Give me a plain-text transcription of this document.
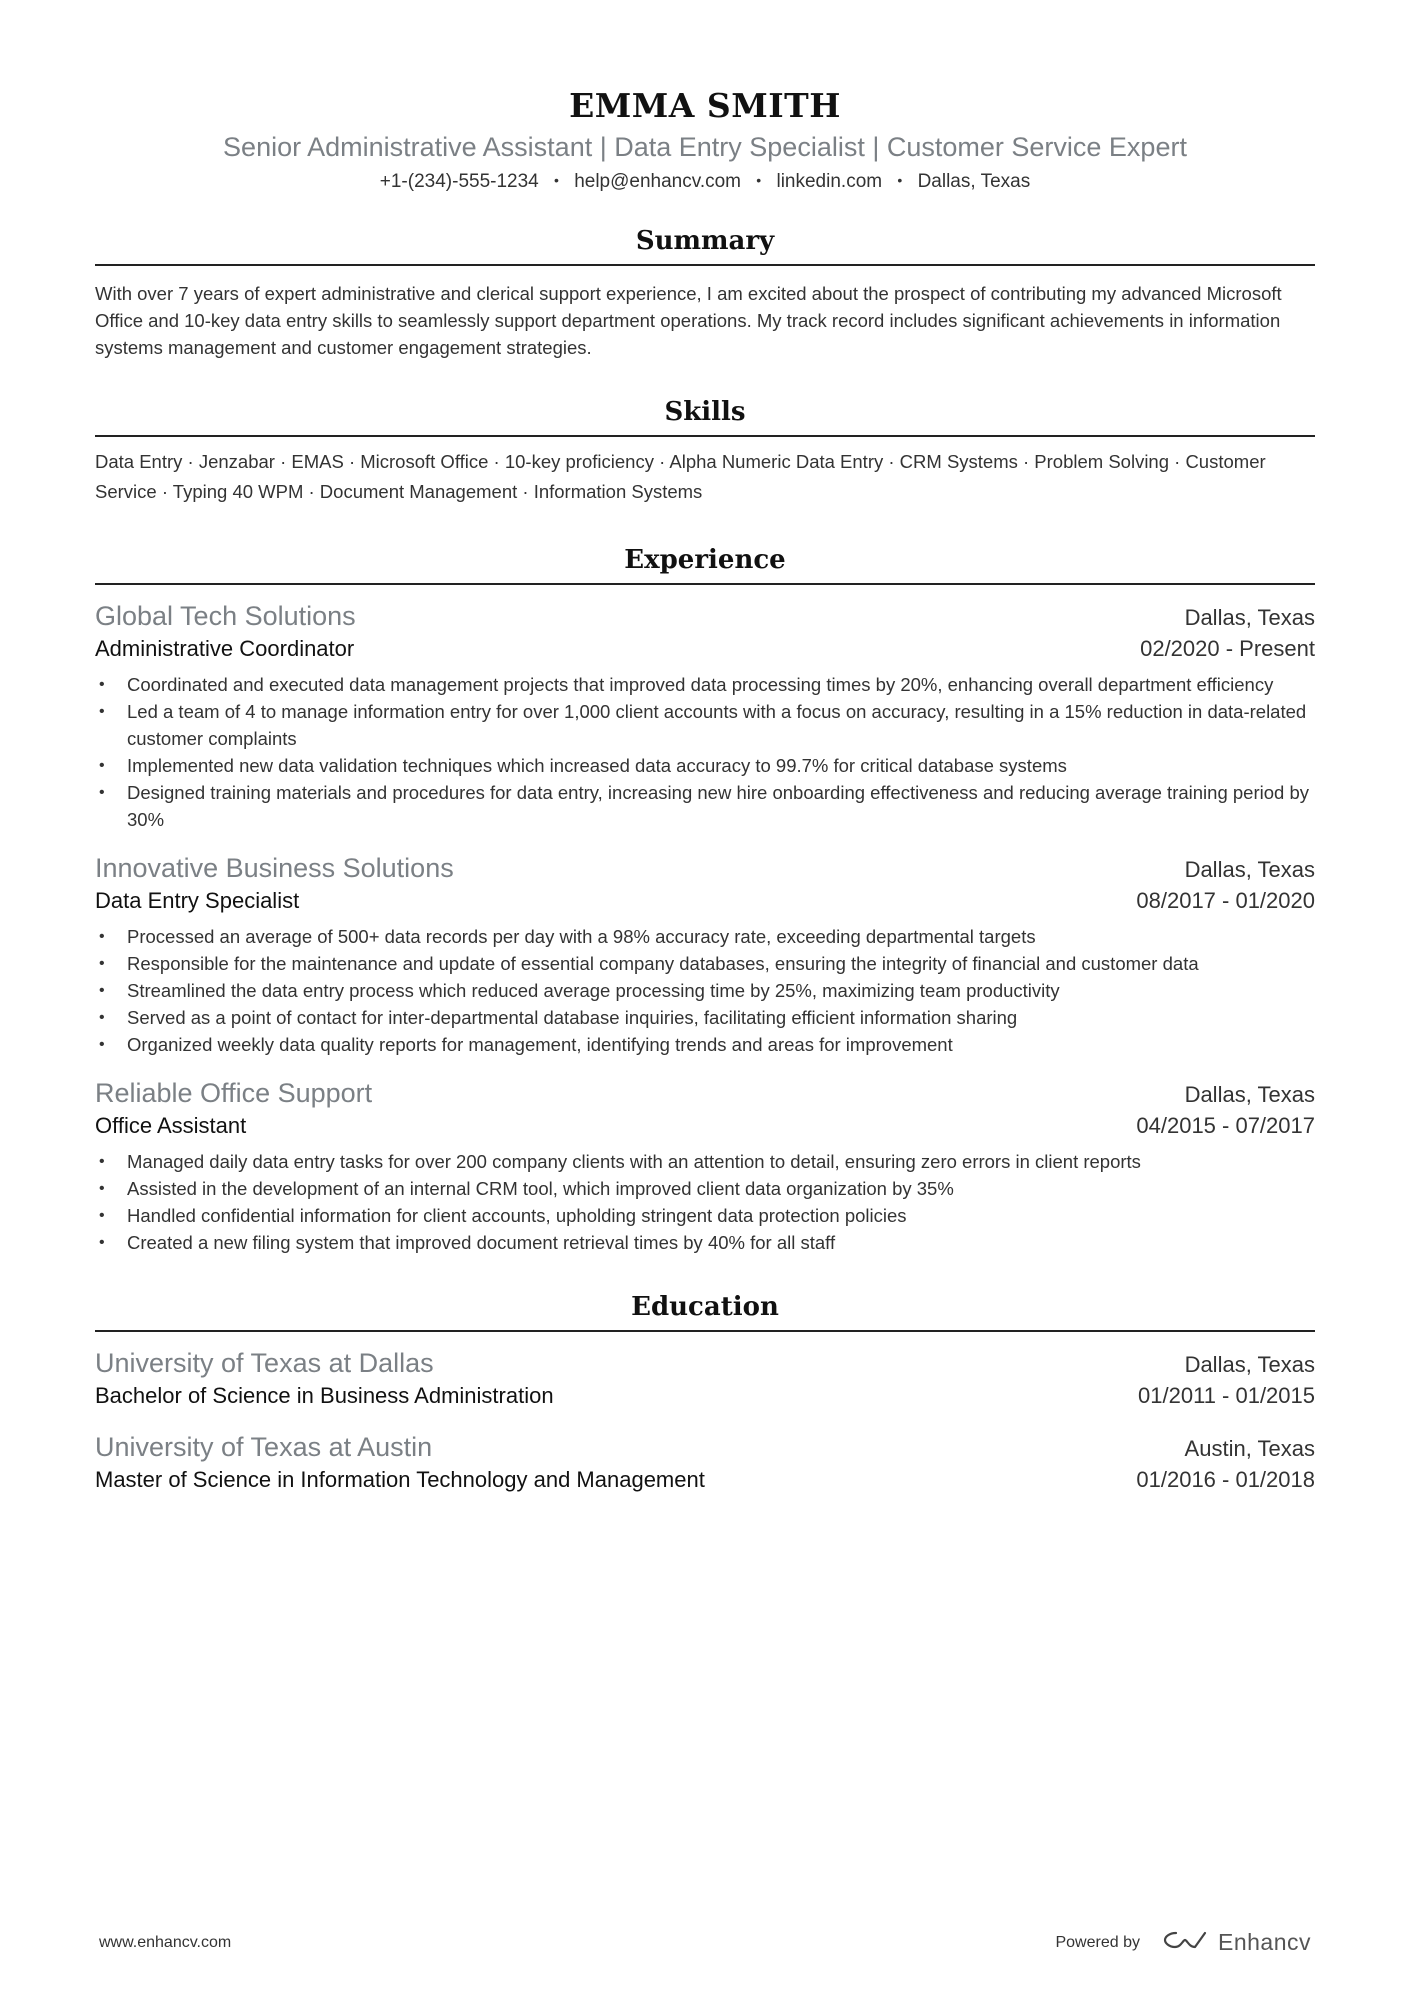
EMMA SMITH
Senior Administrative Assistant | Data Entry Specialist | Customer Service Expert
+1-(234)-555-1234 • help@enhancv.com • linkedin.com • Dallas, Texas
Summary
With over 7 years of expert administrative and clerical support experience, I am excited about the prospect of contributing my advanced Microsoft Office and 10-key data entry skills to seamlessly support department operations. My track record includes significant achievements in information systems management and customer engagement strategies.
Skills
Data Entry · Jenzabar · EMAS · Microsoft Office · 10-key proficiency · Alpha Numeric Data Entry · CRM Systems · Problem Solving · Customer Service · Typing 40 WPM · Document Management · Information Systems
Experience
Global Tech Solutions	Dallas, Texas
Administrative Coordinator	02/2020 - Present
• Coordinated and executed data management projects that improved data processing times by 20%, enhancing overall department efficiency
• Led a team of 4 to manage information entry for over 1,000 client accounts with a focus on accuracy, resulting in a 15% reduction in data-related customer complaints
• Implemented new data validation techniques which increased data accuracy to 99.7% for critical database systems
• Designed training materials and procedures for data entry, increasing new hire onboarding effectiveness and reducing average training period by 30%
Innovative Business Solutions	Dallas, Texas
Data Entry Specialist	08/2017 - 01/2020
• Processed an average of 500+ data records per day with a 98% accuracy rate, exceeding departmental targets
• Responsible for the maintenance and update of essential company databases, ensuring the integrity of financial and customer data
• Streamlined the data entry process which reduced average processing time by 25%, maximizing team productivity
• Served as a point of contact for inter-departmental database inquiries, facilitating efficient information sharing
• Organized weekly data quality reports for management, identifying trends and areas for improvement
Reliable Office Support	Dallas, Texas
Office Assistant	04/2015 - 07/2017
• Managed daily data entry tasks for over 200 company clients with an attention to detail, ensuring zero errors in client reports
• Assisted in the development of an internal CRM tool, which improved client data organization by 35%
• Handled confidential information for client accounts, upholding stringent data protection policies
• Created a new filing system that improved document retrieval times by 40% for all staff
Education
University of Texas at Dallas	Dallas, Texas
Bachelor of Science in Business Administration	01/2011 - 01/2015
University of Texas at Austin	Austin, Texas
Master of Science in Information Technology and Management	01/2016 - 01/2018
www.enhancv.com	Powered by	Enhancv
